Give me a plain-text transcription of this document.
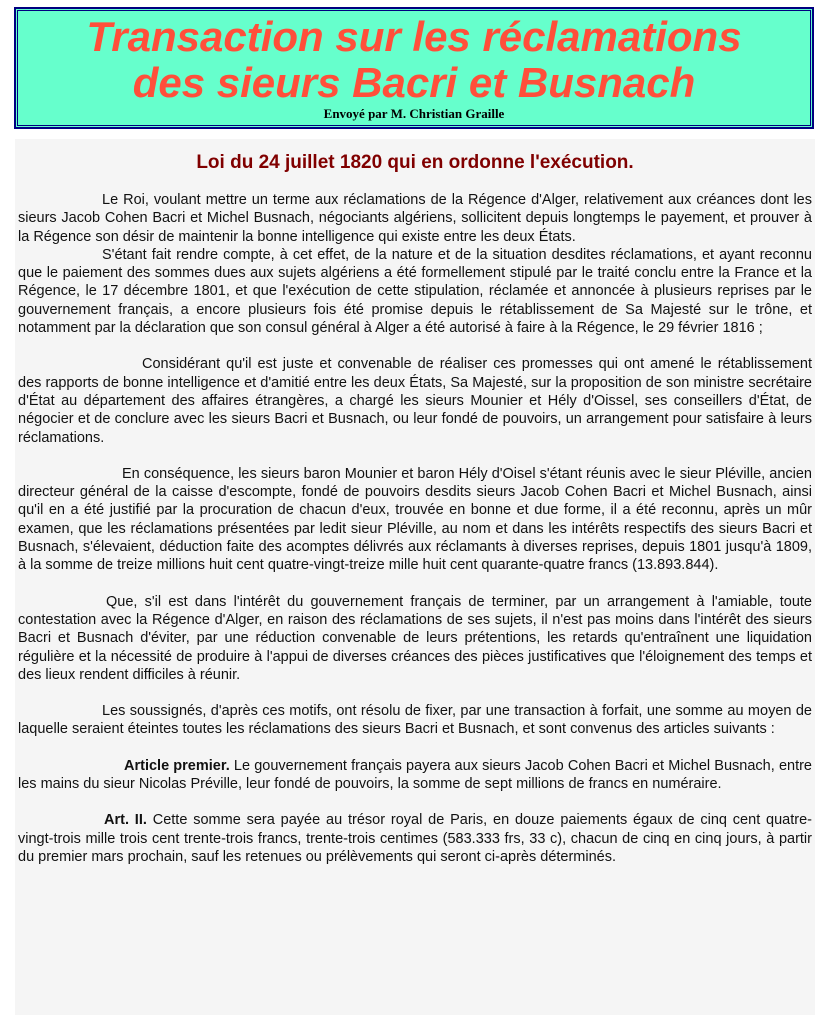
Transaction sur les réclamations
des sieurs Bacri et Busnach
Envoyé par M. Christian Graille
Loi du 24 juillet 1820 qui en ordonne l'exécution.

Le Roi, voulant mettre un terme aux réclamations de la Régence d'Alger, relativement aux créances dont les sieurs Jacob Cohen Bacri et Michel Busnach, négociants algériens, sollicitent depuis longtemps le payement, et prouver à la Régence son désir de maintenir la bonne intelligence qui existe entre les deux États.

S'étant fait rendre compte, à cet effet, de la nature et de la situation desdites réclamations, et ayant reconnu que le paiement des sommes dues aux sujets algériens a été formellement stipulé par le traité conclu entre la France et la Régence, le 17 décembre 1801, et que l'exécution de cette stipulation, réclamée et annoncée à plusieurs reprises par le gouvernement français, a encore plusieurs fois été promise depuis le rétablissement de Sa Majesté sur le trône, et notamment par la déclaration que son consul général à Alger a été autorisé à faire à la Régence, le 29 février 1816 ;

Considérant qu'il est juste et convenable de réaliser ces promesses qui ont amené le rétablissement des rapports de bonne intelligence et d'amitié entre les deux États, Sa Majesté, sur la proposition de son ministre secrétaire d'État au département des affaires étrangères, a chargé les sieurs Mounier et Hély d'Oissel, ses conseillers d'État, de négocier et de conclure avec les sieurs Bacri et Busnach, ou leur fondé de pouvoirs, un arrangement pour satisfaire à leurs réclamations.

En conséquence, les sieurs baron Mounier et baron Hély d'Oisel s'étant réunis avec le sieur Pléville, ancien directeur général de la caisse d'escompte, fondé de pouvoirs desdits sieurs Jacob Cohen Bacri et Michel Busnach, ainsi qu'il en a été justifié par la procuration de chacun d'eux, trouvée en bonne et due forme, il a été reconnu, après un mûr examen, que les réclamations présentées par ledit sieur Pléville, au nom et dans les intérêts respectifs des sieurs Bacri et Busnach, s'élevaient, déduction faite des acomptes délivrés aux réclamants à diverses reprises, depuis 1801 jusqu'à 1809, à la somme de treize millions huit cent quatre-vingt-treize mille huit cent quarante-quatre francs (13.893.844).

Que, s'il est dans l'intérêt du gouvernement français de terminer, par un arrangement à l'amiable, toute contestation avec la Régence d'Alger, en raison des réclamations de ses sujets, il n'est pas moins dans l'intérêt des sieurs Bacri et Busnach d'éviter, par une réduction convenable de leurs prétentions, les retards qu'entraînent une liquidation régulière et la nécessité de produire à l'appui de diverses créances des pièces justificatives que l'éloignement des temps et des lieux rendent difficiles à réunir.

Les soussignés, d'après ces motifs, ont résolu de fixer, par une transaction à forfait, une somme au moyen de laquelle seraient éteintes toutes les réclamations des sieurs Bacri et Busnach, et sont convenus des articles suivants :

Article premier. Le gouvernement français payera aux sieurs Jacob Cohen Bacri et Michel Busnach, entre les mains du sieur Nicolas Préville, leur fondé de pouvoirs, la somme de sept millions de francs en numéraire.

Art. II. Cette somme sera payée au trésor royal de Paris, en douze paiements égaux de cinq cent quatre-vingt-trois mille trois cent trente-trois francs, trente-trois centimes (583.333 frs, 33 c), chacun de cinq en cinq jours, à partir du premier mars prochain, sauf les retenues ou prélèvements qui seront ci-après déterminés.
